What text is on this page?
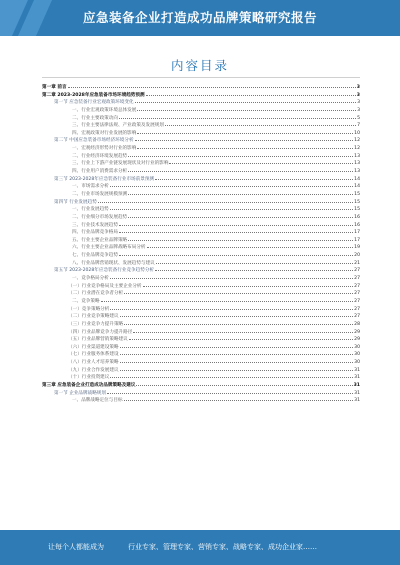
应急装备企业打造成功品牌策略研究报告
内容目录
第一章 前言	3
第二章 2023-2028年应急装备市场环境趋势预测	3
第一节 应急装备行业宏观政策环境变化	3
一、行业宏观政策环境总体发展	3
二、行业主要政策动向	5
三、行业主要法律法规、产业政策及发展规划	7
四、宏观政策对行业发展的影响	10
第二节 中国应急装备市场经济环境分析	12
一、宏观经济形势对行业的影响	12
二、行业经济环境发展趋势	13
三、行业上下游产业链发展现状及对行业的影响	13
四、行业用户消费需求分析	13
第三节 2023-2028年应急装备行业市场前景预测	14
一、市场需求分析	14
二、行业市场发展规模预测	15
第四节 行业发展趋势	15
一、行业发展趋势	15
二、行业细分市场发展趋势	16
三、行业技术发展趋势	16
四、行业品牌竞争格局	17
五、行业主要企业品牌策略	17
六、行业主要企业品牌战略布局分析	19
七、行业品牌竞争趋势	20
八、行业品牌营销现状、发展趋势与建议	21
第五节 2023-2028年应急装备行业竞争趋势分析	27
一、竞争格局分析	27
（一）行业竞争格局及主要企业分析	27
（二）行业潜在竞争者分析	27
二、竞争策略	27
（一）竞争策略分析	27
（二）行业竞争策略建议	27
（三）行业竞争力提升策略	28
（四）行业品牌竞争力提升路径	29
（五）行业品牌营销策略建议	29
（六）行业渠道建设策略	30
（七）行业服务体系建设	30
（八）行业人才培养策略	30
（九）行业合作发展建议	31
（十）行业投资建议	31
第三章 应急装备企业打造成功品牌策略及建议	31
第一节 企业品牌战略规划	31
一、品牌战略定位与目标	31
让每个人都能成为	行业专家、管理专家、营销专家、战略专家、成功企业家……
